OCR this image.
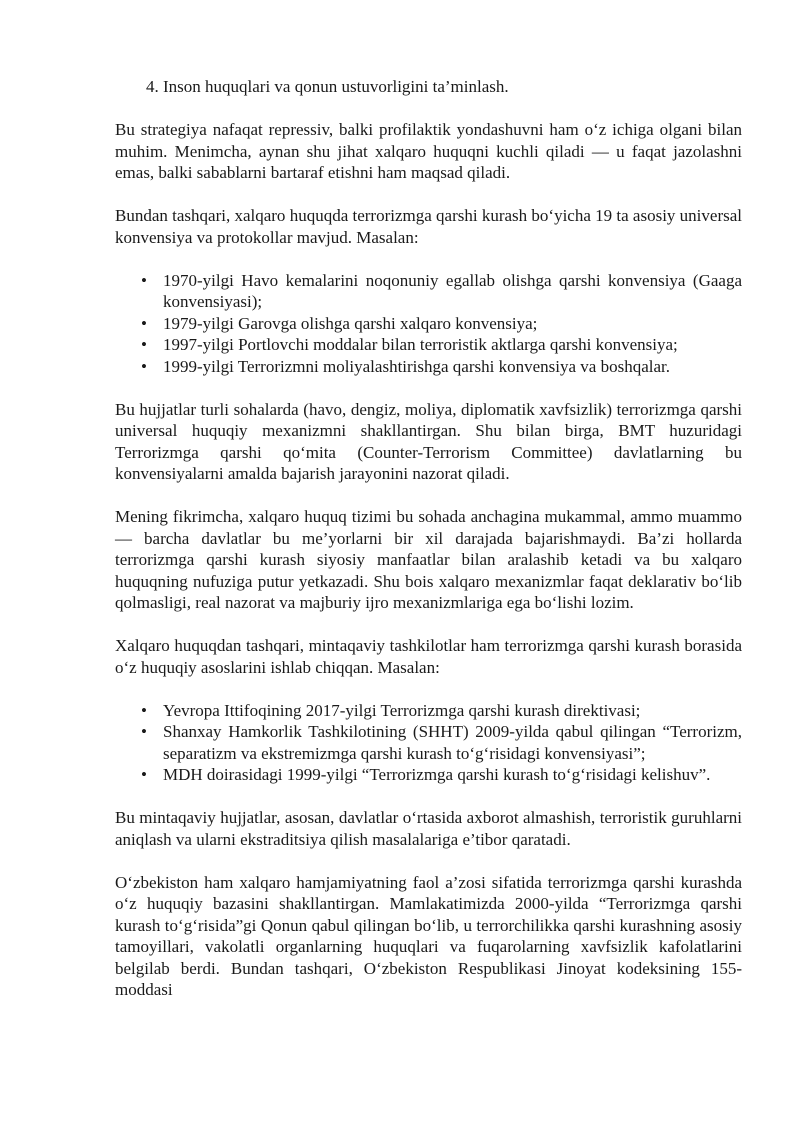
4. Inson huquqlari va qonun ustuvorligini ta’minlash.

Bu strategiya nafaqat repressiv, balki profilaktik yondashuvni ham o‘z ichiga olgani bilan muhim. Menimcha, aynan shu jihat xalqaro huquqni kuchli qiladi — u faqat jazolashni emas, balki sabablarni bartaraf etishni ham maqsad qiladi.

Bundan tashqari, xalqaro huquqda terrorizmga qarshi kurash bo‘yicha 19 ta asosiy universal konvensiya va protokollar mavjud. Masalan:

• 1970-yilgi Havo kemalarini noqonuniy egallab olishga qarshi konvensiya (Gaaga konvensiyasi);
• 1979-yilgi Garovga olishga qarshi xalqaro konvensiya;
• 1997-yilgi Portlovchi moddalar bilan terroristik aktlarga qarshi konvensiya;
• 1999-yilgi Terrorizmni moliyalashtirishga qarshi konvensiya va boshqalar.

Bu hujjatlar turli sohalarda (havo, dengiz, moliya, diplomatik xavfsizlik) terrorizmga qarshi universal huquqiy mexanizmni shakllantirgan. Shu bilan birga, BMT huzuridagi Terrorizmga qarshi qo‘mita (Counter-Terrorism Committee) davlatlarning bu konvensiyalarni amalda bajarish jarayonini nazorat qiladi.

Mening fikrimcha, xalqaro huquq tizimi bu sohada anchagina mukammal, ammo muammo — barcha davlatlar bu me’yorlarni bir xil darajada bajarishmaydi. Ba’zi hollarda terrorizmga qarshi kurash siyosiy manfaatlar bilan aralashib ketadi va bu xalqaro huquqning nufuziga putur yetkazadi. Shu bois xalqaro mexanizmlar faqat deklarativ bo‘lib qolmasligi, real nazorat va majburiy ijro mexanizmlariga ega bo‘lishi lozim.

Xalqaro huquqdan tashqari, mintaqaviy tashkilotlar ham terrorizmga qarshi kurash borasida o‘z huquqiy asoslarini ishlab chiqqan. Masalan:

• Yevropa Ittifoqining 2017-yilgi Terrorizmga qarshi kurash direktivasi;
• Shanxay Hamkorlik Tashkilotining (SHHT) 2009-yilda qabul qilingan “Terrorizm, separatizm va ekstremizmga qarshi kurash to‘g‘risidagi konvensiyasi”;
• MDH doirasidagi 1999-yilgi “Terrorizmga qarshi kurash to‘g‘risidagi kelishuv”.

Bu mintaqaviy hujjatlar, asosan, davlatlar o‘rtasida axborot almashish, terroristik guruhlarni aniqlash va ularni ekstraditsiya qilish masalalariga e’tibor qaratadi.

O‘zbekiston ham xalqaro hamjamiyatning faol a’zosi sifatida terrorizmga qarshi kurashda o‘z huquqiy bazasini shakllantirgan. Mamlakatimizda 2000-yilda “Terrorizmga qarshi kurash to‘g‘risida”gi Qonun qabul qilingan bo‘lib, u terrorchilikka qarshi kurashning asosiy tamoyillari, vakolatli organlarning huquqlari va fuqarolarning xavfsizlik kafolatlarini belgilab berdi. Bundan tashqari, O‘zbekiston Respublikasi Jinoyat kodeksining 155-moddasi
